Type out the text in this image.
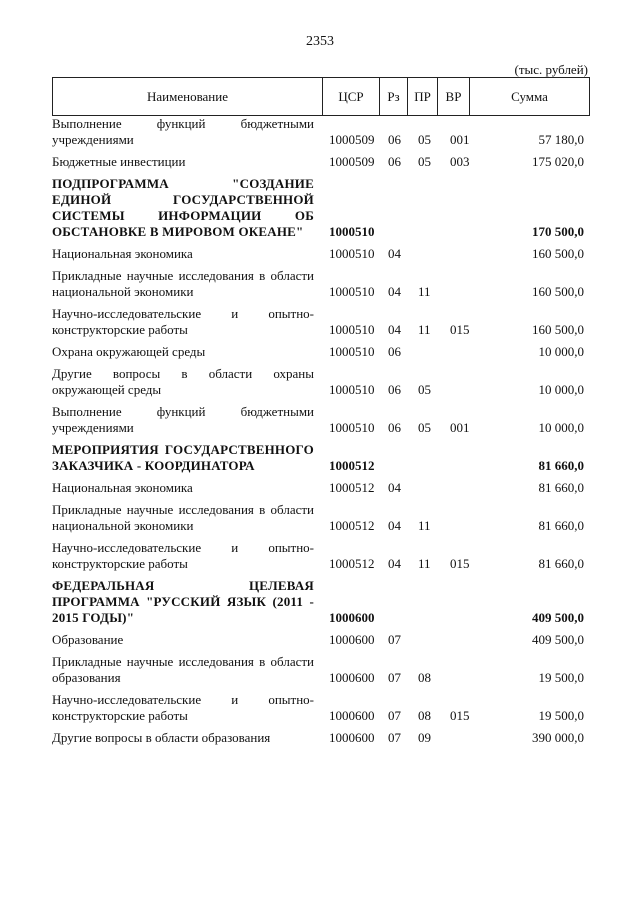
2353
(тыс. рублей)
Наименование	ЦСР	Рз	ПР	ВР	Сумма
Выполнение функций бюджетными учреждениями	1000509 06 05 001	57 180,0
Бюджетные инвестиции	1000509 06 05 003	175 020,0
ПОДПРОГРАММА "СОЗДАНИЕ ЕДИНОЙ ГОСУДАРСТВЕННОЙ СИСТЕМЫ ИНФОРМАЦИИ ОБ ОБСТАНОВКЕ В МИРОВОМ ОКЕАНЕ"	1000510	170 500,0
Национальная экономика	1000510 04	160 500,0
Прикладные научные исследования в области национальной экономики	1000510 04 11	160 500,0
Научно-исследовательские и опытно-конструкторские работы	1000510 04 11 015	160 500,0
Охрана окружающей среды	1000510 06	10 000,0
Другие вопросы в области охраны окружающей среды	1000510 06 05	10 000,0
Выполнение функций бюджетными учреждениями	1000510 06 05 001	10 000,0
МЕРОПРИЯТИЯ ГОСУДАРСТВЕННОГО ЗАКАЗЧИКА - КООРДИНАТОРА	1000512	81 660,0
Национальная экономика	1000512 04	81 660,0
Прикладные научные исследования в области национальной экономики	1000512 04 11	81 660,0
Научно-исследовательские и опытно-конструкторские работы	1000512 04 11 015	81 660,0
ФЕДЕРАЛЬНАЯ ЦЕЛЕВАЯ ПРОГРАММА "РУССКИЙ ЯЗЫК (2011 - 2015 ГОДЫ)"	1000600	409 500,0
Образование	1000600 07	409 500,0
Прикладные научные исследования в области образования	1000600 07 08	19 500,0
Научно-исследовательские и опытно-конструкторские работы	1000600 07 08 015	19 500,0
Другие вопросы в области образования	1000600 07 09	390 000,0
